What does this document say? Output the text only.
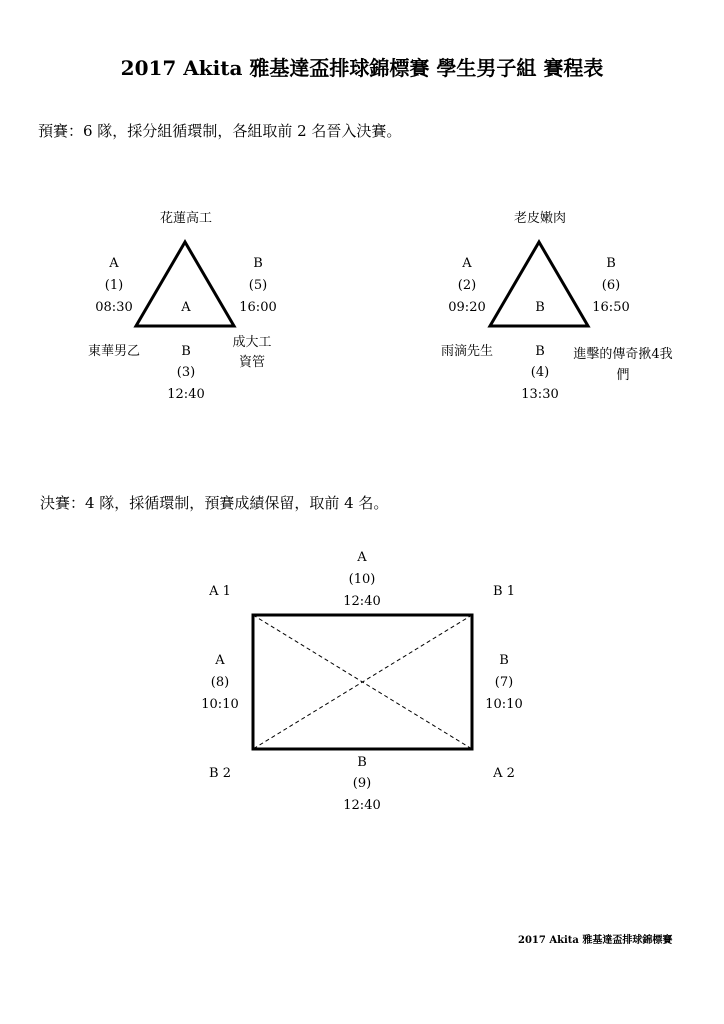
2017 Akita 雅基達盃排球錦標賽 學生男子組 賽程表
預賽：6 隊，採分組循環制，各組取前 2 名晉入決賽。
花蓮高工
A
(1)
08:30
B
(5)
16:00
A
東華男乙
成大工資管
B
(3)
12:40
老皮嫩肉
A
(2)
09:20
B
(6)
16:50
B
雨滴先生	進擊的傳奇揪4我們
B
(4)
13:30
決賽：4 隊，採循環制，預賽成績保留，取前 4 名。
A
(10)
12:40
A 1	B 1
A
(8)
10:10
B
(7)
10:10
B 2	A 2
B
(9)
12:40
2017 Akita 雅基達盃排球錦標賽
